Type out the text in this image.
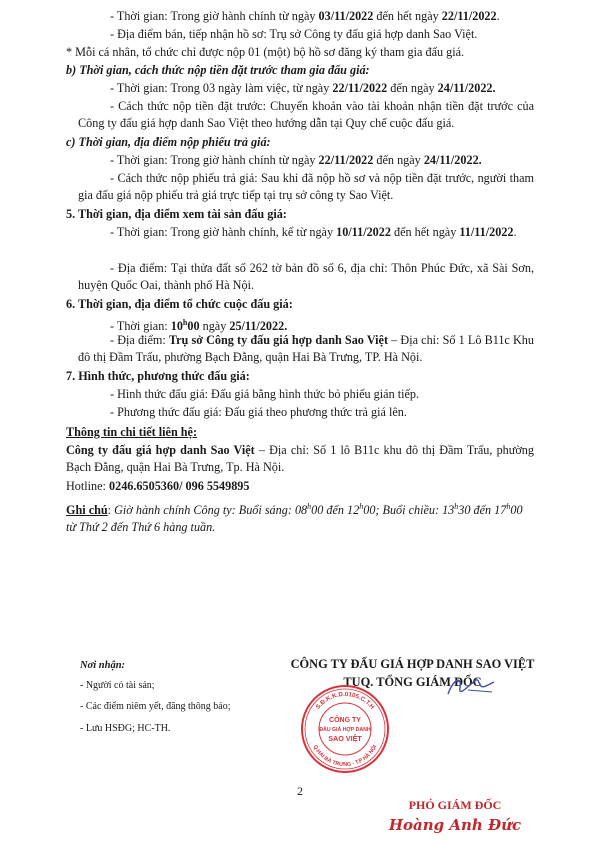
- Thời gian: Trong giờ hành chính từ ngày 03/11/2022 đến hết ngày 22/11/2022.
- Địa điểm bán, tiếp nhận hồ sơ: Trụ sở Công ty đấu giá hợp danh Sao Việt.
* Mỗi cá nhân, tổ chức chỉ được nộp 01 (một) bộ hồ sơ đăng ký tham gia đấu giá.
b) Thời gian, cách thức nộp tiền đặt trước tham gia đấu giá:
- Thời gian: Trong 03 ngày làm việc, từ ngày 22/11/2022 đến ngày 24/11/2022.
- Cách thức nộp tiền đặt trước: Chuyển khoản vào tài khoản nhận tiền đặt trước của Công ty đấu giá hợp danh Sao Việt theo hướng dẫn tại Quy chế cuộc đấu giá.
c) Thời gian, địa điểm nộp phiếu trả giá:
- Thời gian: Trong giờ hành chính từ ngày 22/11/2022 đến ngày 24/11/2022.
- Cách thức nộp phiếu trả giá: Sau khi đã nộp hồ sơ và nộp tiền đặt trước, người tham gia đấu giá nộp phiếu trả giá trực tiếp tại trụ sở công ty Sao Việt.
5. Thời gian, địa điểm xem tài sản đấu giá:
- Thời gian: Trong giờ hành chính, kể từ ngày 10/11/2022 đến hết ngày 11/11/2022.
- Địa điểm: Tại thửa đất số 262 tờ bản đồ số 6, địa chỉ: Thôn Phúc Đức, xã Sài Sơn, huyện Quốc Oai, thành phố Hà Nội.
6. Thời gian, địa điểm tổ chức cuộc đấu giá:
- Thời gian: 10$^h$00 ngày 25/11/2022.
- Địa điểm: Trụ sở Công ty đấu giá hợp danh Sao Việt – Địa chỉ: Số 1 Lô B11c Khu đô thị Đầm Trấu, phường Bạch Đằng, quận Hai Bà Trưng, TP. Hà Nội.
7. Hình thức, phương thức đấu giá:
- Hình thức đấu giá: Đấu giá bằng hình thức bỏ phiếu gián tiếp.
- Phương thức đấu giá: Đấu giá theo phương thức trả giá lên.
Thông tin chi tiết liên hệ:
Công ty đấu giá hợp danh Sao Việt – Địa chỉ: Số 1 lô B11c khu đô thị Đầm Trấu, phường Bạch Đằng, quận Hai Bà Trưng, Tp. Hà Nội.
Hotline: 0246.6505360/ 096 5549895
Ghi chú: Giờ hành chính Công ty: Buổi sáng: 08$^h$00 đến 12$^h$00; Buổi chiều: 13$^h$30 đến 17$^h$00 từ Thứ 2 đến Thứ 6 hàng tuần.
Nơi nhận:
- Người có tài sản;
- Các điểm niêm yết, đăng thông báo;
- Lưu HSĐG; HC-TH.
CÔNG TY ĐẤU GIÁ HỢP DANH SAO VIỆT
TUQ. TỔNG GIÁM ĐỐC
S.Đ.K.K.D.0105.C.T.H
Q.HAI BÀ TRƯNG - T.P HÀ NỘI
CÔNG TY
ĐẤU GIÁ HỢP DANH
SAO VIỆT
2
PHÓ GIÁM ĐỐC
Hoàng Anh Đức
